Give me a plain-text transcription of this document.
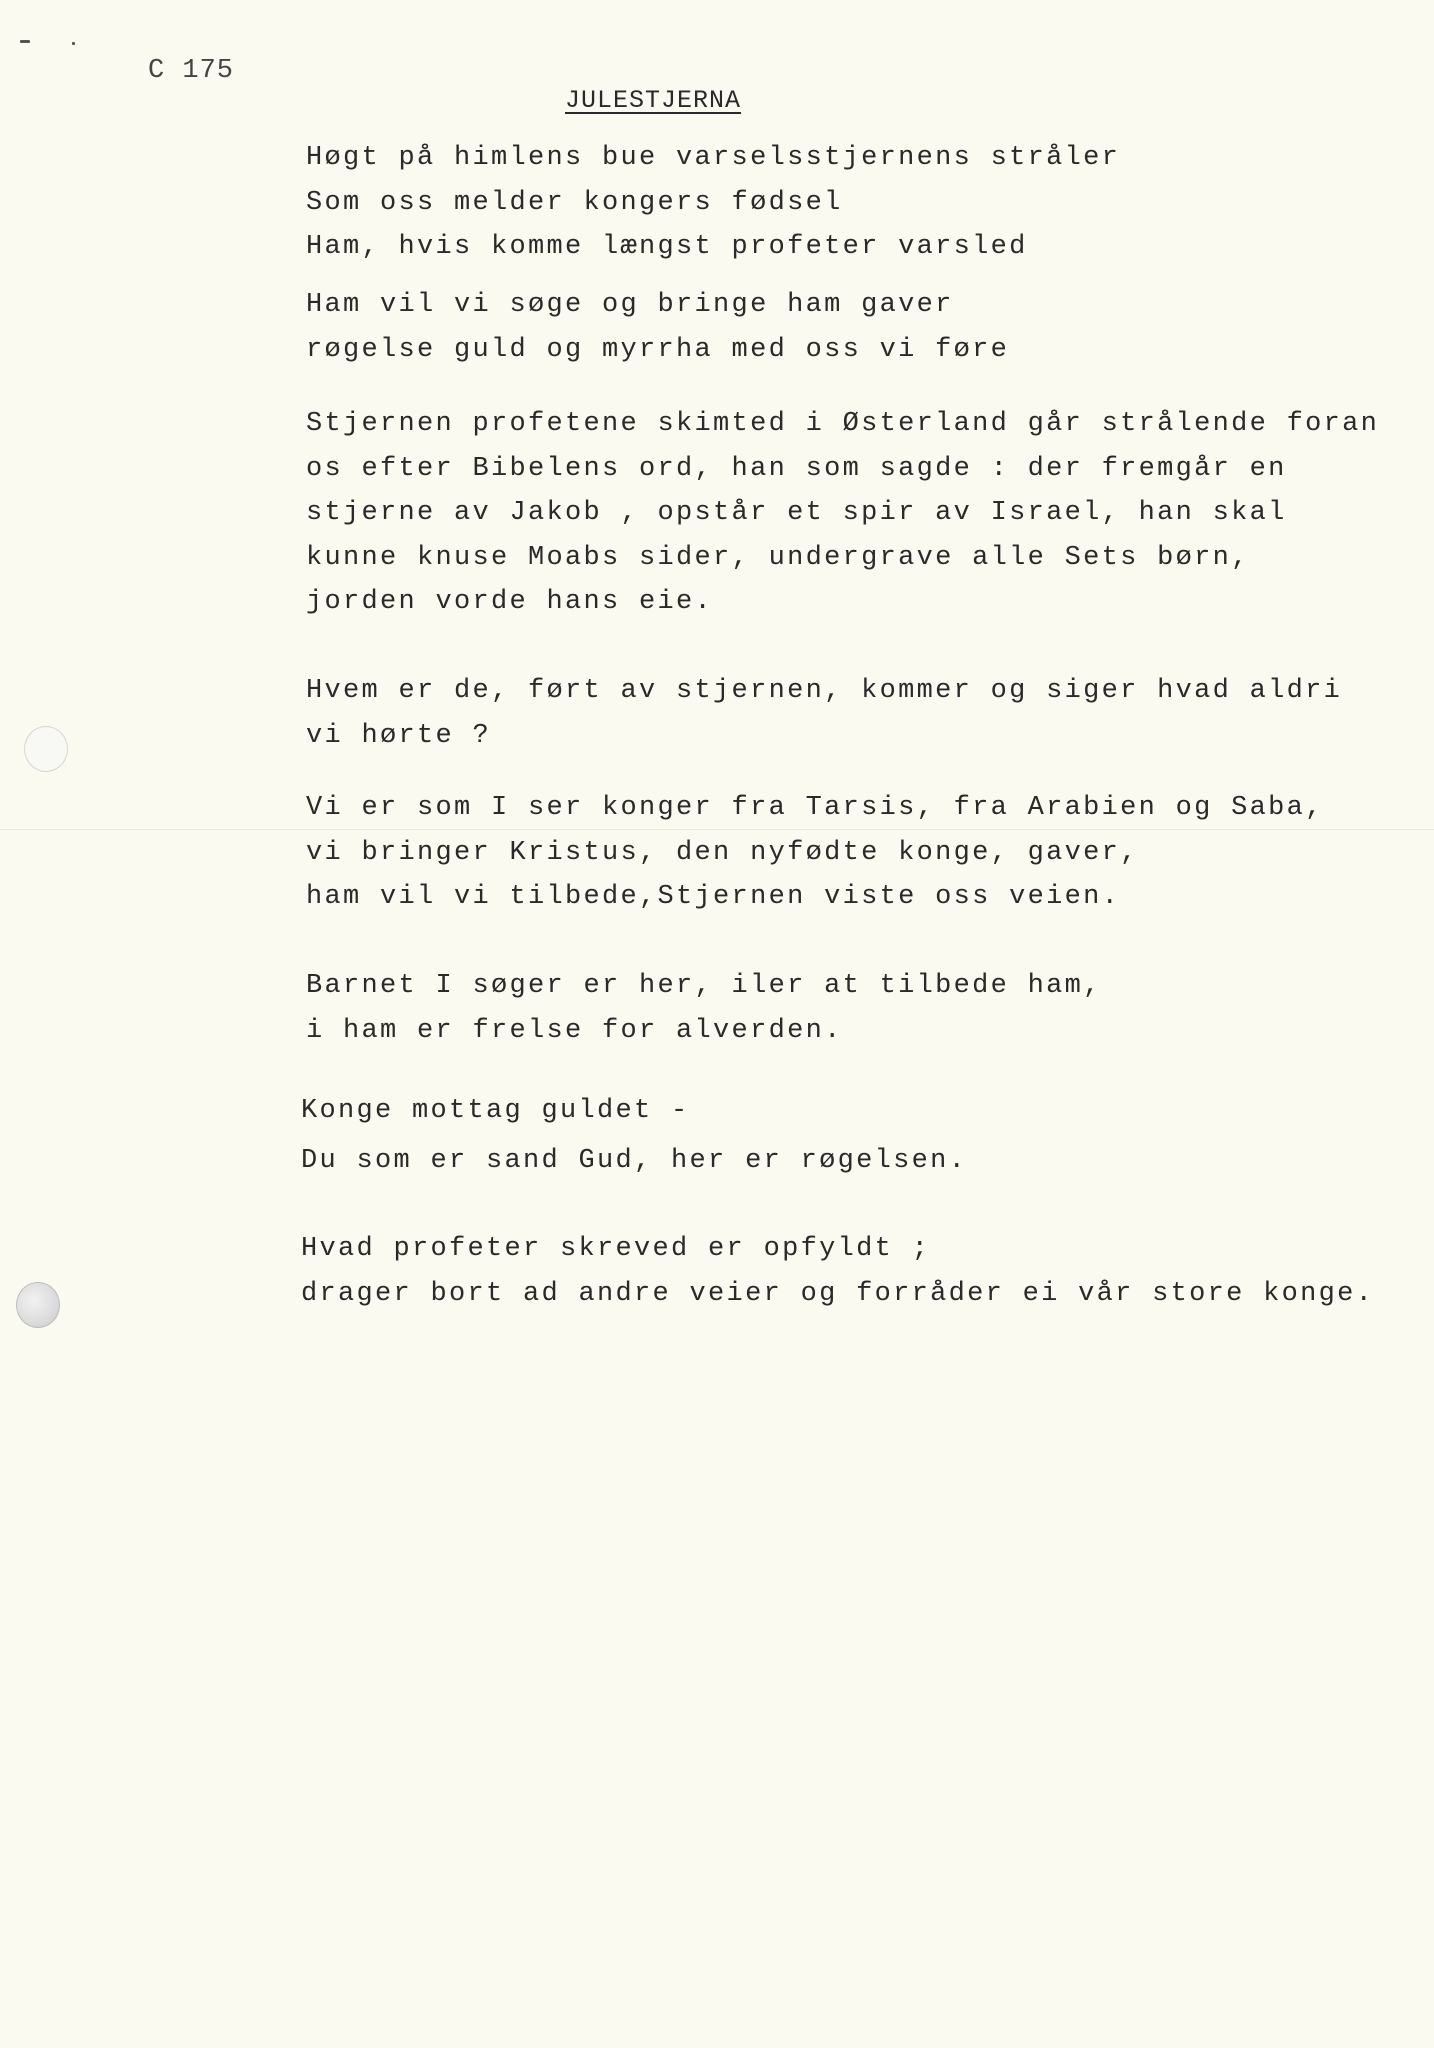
C 175
JULESTJERNA
Høgt på himlens bue varselsstjernens stråler
Som oss melder kongers fødsel
Ham, hvis komme længst profeter varsled
Ham vil vi søge og bringe ham gaver
røgelse guld og myrrha med oss vi føre
Stjernen profetene skimted i Østerland går strålende foran
os efter Bibelens ord, han som sagde : der fremgår en
stjerne av Jakob , opstår et spir av Israel, han skal
kunne knuse Moabs sider, undergrave alle Sets børn,
jorden vorde hans eie.
Hvem er de, ført av stjernen, kommer og siger hvad aldri
vi hørte ?
Vi er som I ser konger fra Tarsis, fra Arabien og Saba,
vi bringer Kristus, den nyfødte konge, gaver,
ham vil vi tilbede,Stjernen viste oss veien.
Barnet I søger er her, iler at tilbede ham,
i ham er frelse for alverden.
Konge mottag guldet -
Du som er sand Gud, her er røgelsen.
Hvad profeter skreved er opfyldt ;
drager bort ad andre veier og forråder ei vår store konge.
